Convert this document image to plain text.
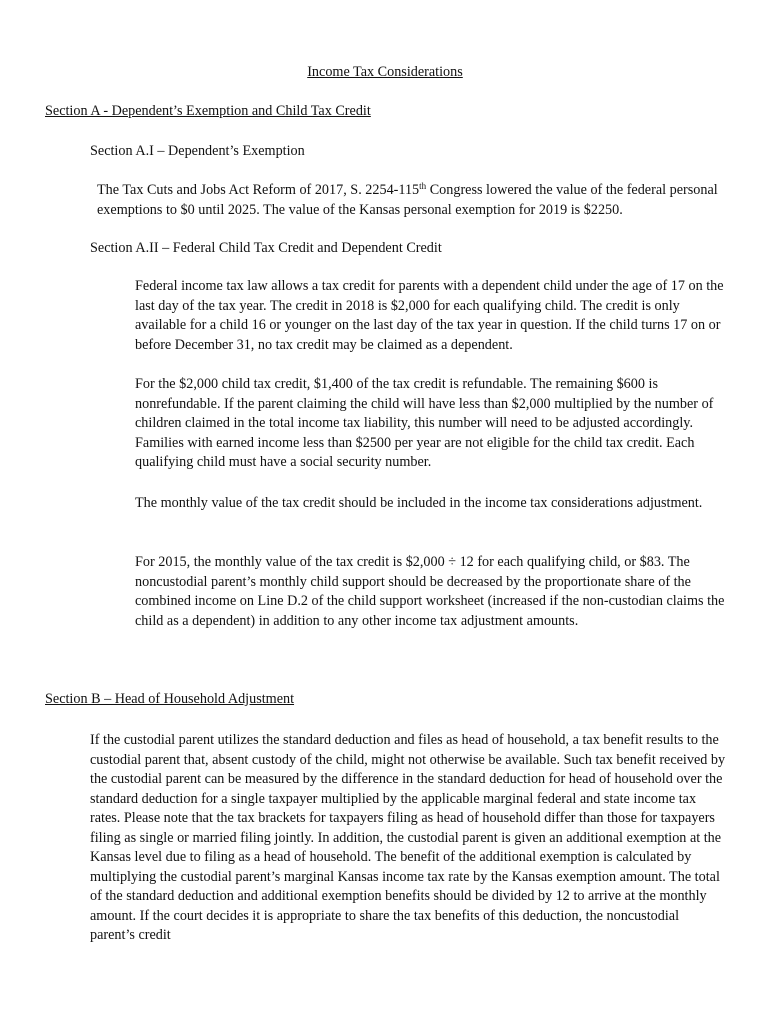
Income Tax Considerations
Section A - Dependent’s Exemption and Child Tax Credit
Section A.I – Dependent’s Exemption

The Tax Cuts and Jobs Act Reform of 2017, S. 2254-115th Congress lowered the value of the federal personal exemptions to $0 until 2025. The value of the Kansas personal exemption for 2019 is $2250.

Section A.II – Federal Child Tax Credit and Dependent Credit

Federal income tax law allows a tax credit for parents with a dependent child under the age of 17 on the last day of the tax year. The credit in 2018 is $2,000 for each qualifying child. The credit is only available for a child 16 or younger on the last day of the tax year in question. If the child turns 17 on or before December 31, no tax credit may be claimed as a dependent.

For the $2,000 child tax credit, $1,400 of the tax credit is refundable. The remaining $600 is nonrefundable. If the parent claiming the child will have less than $2,000 multiplied by the number of children claimed in the total income tax liability, this number will need to be adjusted accordingly. Families with earned income less than $2500 per year are not eligible for the child tax credit. Each qualifying child must have a social security number.

The monthly value of the tax credit should be included in the income tax considerations adjustment.

For 2015, the monthly value of the tax credit is $2,000 ÷ 12 for each qualifying child, or $83. The noncustodial parent’s monthly child support should be decreased by the proportionate share of the combined income on Line D.2 of the child support worksheet (increased if the non-custodian claims the child as a dependent) in addition to any other income tax adjustment amounts.

Section B – Head of Household Adjustment

If the custodial parent utilizes the standard deduction and files as head of household, a tax benefit results to the custodial parent that, absent custody of the child, might not otherwise be available. Such tax benefit received by the custodial parent can be measured by the difference in the standard deduction for head of household over the standard deduction for a single taxpayer multiplied by the applicable marginal federal and state income tax rates. Please note that the tax brackets for taxpayers filing as head of household differ than those for taxpayers filing as single or married filing jointly. In addition, the custodial parent is given an additional exemption at the Kansas level due to filing as a head of household. The benefit of the additional exemption is calculated by multiplying the custodial parent’s marginal Kansas income tax rate by the Kansas exemption amount. The total of the standard deduction and additional exemption benefits should be divided by 12 to arrive at the monthly amount. If the court decides it is appropriate to share the tax benefits of this deduction, the noncustodial parent’s credit
